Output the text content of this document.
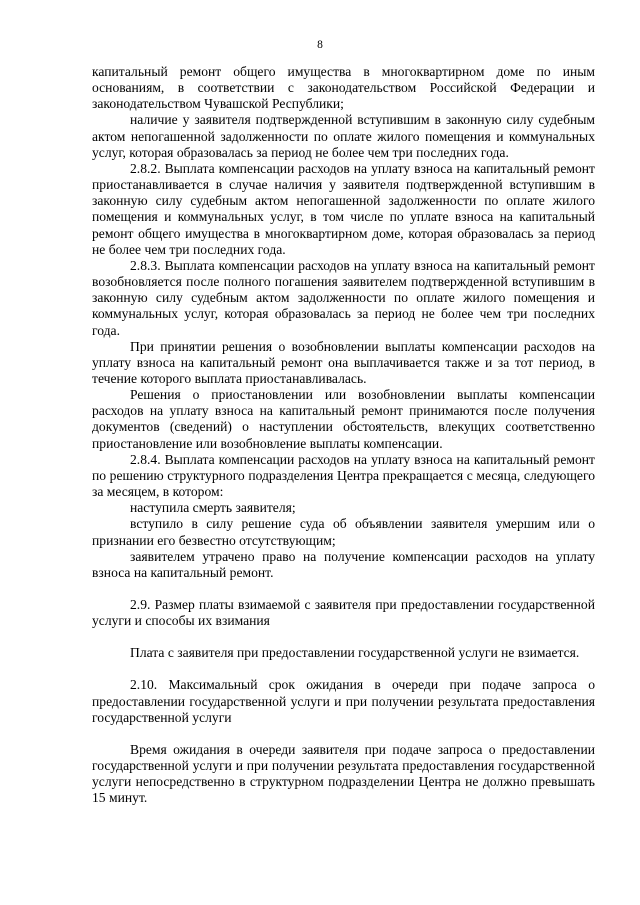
8

капитальный ремонт общего имущества в многоквартирном доме по иным основаниям, в соответствии с законодательством Российской Федерации и законодательством Чувашской Республики;

наличие у заявителя подтвержденной вступившим в законную силу судебным актом непогашенной задолженности по оплате жилого помещения и коммунальных услуг, которая образовалась за период не более чем три последних года.

2.8.2. Выплата компенсации расходов на уплату взноса на капитальный ремонт приостанавливается в случае наличия у заявителя подтвержденной вступившим в законную силу судебным актом непогашенной задолженности по оплате жилого помещения и коммунальных услуг, в том числе по уплате взноса на капитальный ремонт общего имущества в многоквартирном доме, которая образовалась за период не более чем три последних года.

2.8.3. Выплата компенсации расходов на уплату взноса на капитальный ремонт возобновляется после полного погашения заявителем подтвержденной вступившим в законную силу судебным актом задолженности по оплате жилого помещения и коммунальных услуг, которая образовалась за период не более чем три последних года.

При принятии решения о возобновлении выплаты компенсации расходов на уплату взноса на капитальный ремонт она выплачивается также и за тот период, в течение которого выплата приостанавливалась.

Решения о приостановлении или возобновлении выплаты компенсации расходов на уплату взноса на капитальный ремонт принимаются после получения документов (сведений) о наступлении обстоятельств, влекущих соответственно приостановление или возобновление выплаты компенсации.

2.8.4. Выплата компенсации расходов на уплату взноса на капитальный ремонт по решению структурного подразделения Центра прекращается с месяца, следующего за месяцем, в котором:

наступила смерть заявителя;

вступило в силу решение суда об объявлении заявителя умершим или о признании его безвестно отсутствующим;

заявителем утрачено право на получение компенсации расходов на уплату взноса на капитальный ремонт.

2.9. Размер платы взимаемой с заявителя при предоставлении государственной услуги и способы их взимания

Плата с заявителя при предоставлении государственной услуги не взимается.

2.10. Максимальный срок ожидания в очереди при подаче запроса о предоставлении государственной услуги и при получении результата предоставления государственной услуги

Время ожидания в очереди заявителя при подаче запроса о предоставлении государственной услуги и при получении результата предоставления государственной услуги непосредственно в структурном подразделении Центра не должно превышать 15 минут.
